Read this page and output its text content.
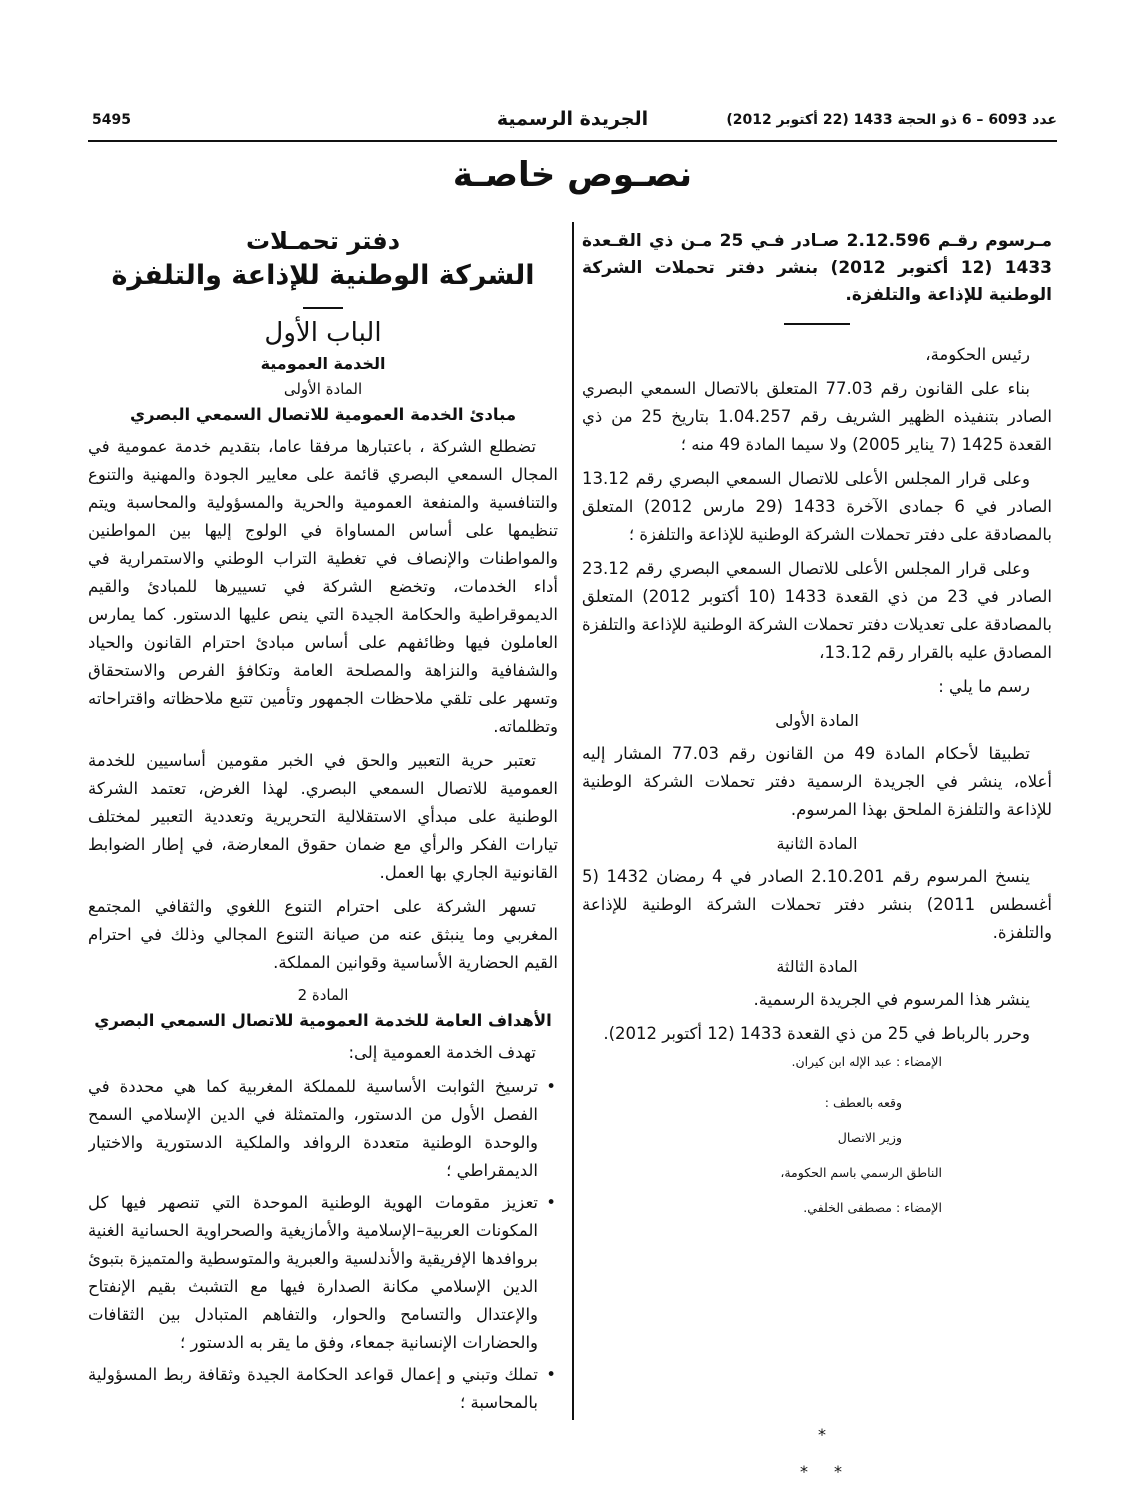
5495	الجريدة الرسمية	عدد 6093 – 6 ذو الحجة 1433 (22 أكتوبر 2012)
نصـوص خاصـة

مـرسوم رقـم 2.12.596 صـادر فـي 25 مـن ذي القـعدة 1433 (12 أكتوبر 2012) بنشر دفتر تحملات الشركة الوطنية للإذاعة والتلفزة.

رئيس الحكومة،

بناء على القانون رقم 77.03 المتعلق بالاتصال السمعي البصري الصادر بتنفيذه الظهير الشريف رقم 1.04.257 بتاريخ 25 من ذي القعدة 1425 (7 يناير 2005) ولا سيما المادة 49 منه ؛

وعلى قرار المجلس الأعلى للاتصال السمعي البصري رقم 13.12 الصادر في 6 جمادى الآخرة 1433 (29 مارس 2012) المتعلق بالمصادقة على دفتر تحملات الشركة الوطنية للإذاعة والتلفزة ؛

وعلى قرار المجلس الأعلى للاتصال السمعي البصري رقم 23.12 الصادر في 23 من ذي القعدة 1433 (10 أكتوبر 2012) المتعلق بالمصادقة على تعديلات دفتر تحملات الشركة الوطنية للإذاعة والتلفزة المصادق عليه بالقرار رقم 13.12،

رسم ما يلي :

المادة الأولى

تطبيقا لأحكام المادة 49 من القانون رقم 77.03 المشار إليه أعلاه، ينشر في الجريدة الرسمية دفتر تحملات الشركة الوطنية للإذاعة والتلفزة الملحق بهذا المرسوم.

المادة الثانية

ينسخ المرسوم رقم 2.10.201 الصادر في 4 رمضان 1432 (5 أغسطس 2011) بنشر دفتر تحملات الشركة الوطنية للإذاعة والتلفزة.

المادة الثالثة

ينشر هذا المرسوم في الجريدة الرسمية.

وحرر بالرباط في 25 من ذي القعدة 1433 (12 أكتوبر 2012).

الإمضاء : عبد الإله ابن كيران.

وقعه بالعطف :

وزير الاتصال

الناطق الرسمي باسم الحكومة،

الإمضاء : مصطفى الخلفي.

دفتر تحمـلات

الشركة الوطنية للإذاعة والتلفزة

الباب الأول

الخدمة العمومية

المادة الأولى

مبادئ الخدمة العمومية للاتصال السمعي البصري

تضطلع الشركة ، باعتبارها مرفقا عاما، بتقديم خدمة عمومية في المجال السمعي البصري قائمة على معايير الجودة والمهنية والتنوع والتنافسية والمنفعة العمومية والحرية والمسؤولية والمحاسبة ويتم تنظيمها على أساس المساواة في الولوج إليها بين المواطنين والمواطنات والإنصاف في تغطية التراب الوطني والاستمرارية في أداء الخدمات، وتخضع الشركة في تسييرها للمبادئ والقيم الديموقراطية والحكامة الجيدة التي ينص عليها الدستور. كما يمارس العاملون فيها وظائفهم على أساس مبادئ احترام القانون والحياد والشفافية والنزاهة والمصلحة العامة وتكافؤ الفرص والاستحقاق وتسهر على تلقي ملاحظات الجمهور وتأمين تتبع ملاحظاته واقتراحاته وتظلماته.

تعتبر حرية التعبير والحق في الخبر مقومين أساسيين للخدمة العمومية للاتصال السمعي البصري. لهذا الغرض، تعتمد الشركة الوطنية على مبدأي الاستقلالية التحريرية وتعددية التعبير لمختلف تيارات الفكر والرأي مع ضمان حقوق المعارضة، في إطار الضوابط القانونية الجاري بها العمل.

تسهر الشركة على احترام التنوع اللغوي والثقافي المجتمع المغربي وما ينبثق عنه من صيانة التنوع المجالي وذلك في احترام القيم الحضارية الأساسية وقوانين المملكة.

المادة 2

الأهداف العامة للخدمة العمومية للاتصال السمعي البصري

تهدف الخدمة العمومية إلى:

•
ترسيخ الثوابت الأساسية للمملكة المغربية كما هي محددة في الفصل الأول من الدستور، والمتمثلة في الدين الإسلامي السمح والوحدة الوطنية متعددة الروافد والملكية الدستورية والاختيار الديمقراطي ؛
•
تعزيز مقومات الهوية الوطنية الموحدة التي تنصهر فيها كل المكونات العربية–الإسلامية والأمازيغية والصحراوية الحسانية الغنية بروافدها الإفريقية والأندلسية والعبرية والمتوسطية والمتميزة بتبوئ الدين الإسلامي مكانة الصدارة فيها مع التشبث بقيم الإنفتاح والإعتدال والتسامح والحوار، والتفاهم المتبادل بين الثقافات والحضارات الإنسانية جمعاء، وفق ما يقر به الدستور ؛
•
تملك وتبني و إعمال قواعد الحكامة الجيدة وثقافة ربط المسؤولية بالمحاسبة ؛
*
* *
